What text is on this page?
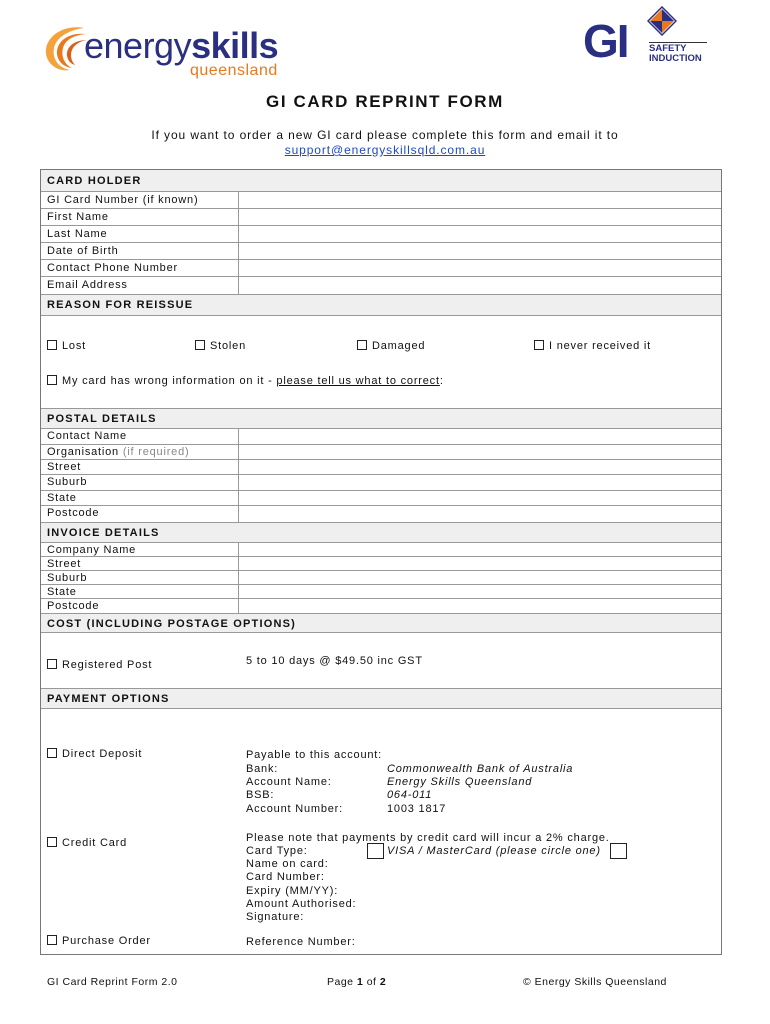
energyskills
queensland
GI SAFETY
INDUCTION
GI CARD REPRINT FORM
If you want to order a new GI card please complete this form and email it to
support@energyskillsqld.com.au
CARD HOLDER
GI Card Number (if known)
First Name
Last Name
Date of Birth
Contact Phone Number
Email Address
REASON FOR REISSUE
Lost	Stolen	Damaged	I never received it
My card has wrong information on it - please tell us what to correct:
POSTAL DETAILS
Contact Name
Organisation (if required)
Street
Suburb
State
Postcode
INVOICE DETAILS
Company Name
Street
Suburb
State
Postcode
COST (INCLUDING POSTAGE OPTIONS)
Registered Post	5 to 10 days @ $49.50 inc GST
PAYMENT OPTIONS
Direct Deposit	Payable to this account:
Bank:	Commonwealth Bank of Australia
Account Name:	Energy Skills Queensland
BSB:	064-011
Account Number:	1003 1817
Credit Card	Please note that payments by credit card will incur a 2% charge.
Card Type:	VISA / MasterCard (please circle one)
Name on card:
Card Number:
Expiry (MM/YY):
Amount Authorised:
Signature:
Purchase Order	Reference Number:
GI Card Reprint Form 2.0	Page 1 of 2	© Energy Skills Queensland
